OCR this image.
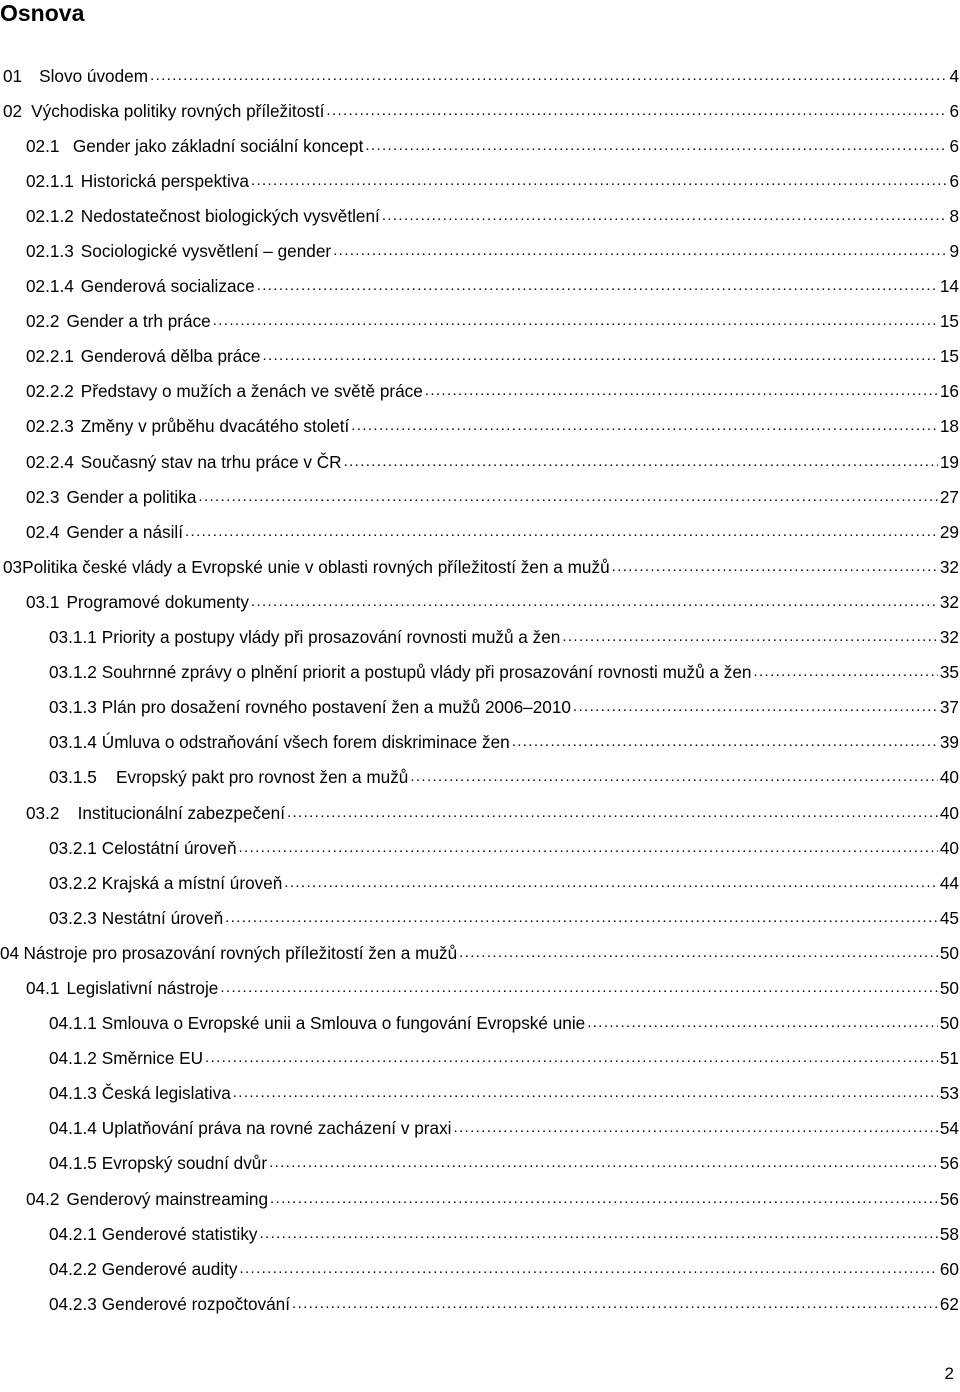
Osnova
01 Slovo úvodem . . .	4
02 Východiska politiky rovných příležitostí . . .	6
02.1 Gender jako základní sociální koncept . . .	6
02.1.1 Historická perspektiva . . .	6
02.1.2 Nedostatečnost biologických vysvětlení . . .	8
02.1.3 Sociologické vysvětlení – gender . . .	9
02.1.4 Genderová socializace . . .	14
02.2 Gender a trh práce . . .	15
02.2.1 Genderová dělba práce . . .	15
02.2.2 Představy o mužích a ženách ve světě práce . . .	16
02.2.3 Změny v průběhu dvacátého století . . .	18
02.2.4 Současný stav na trhu práce v ČR . . .	19
02.3 Gender a politika . . .	27
02.4 Gender a násilí . . .	29
03 Politika české vlády a Evropské unie v oblasti rovných příležitostí žen a mužů . . .	32
03.1 Programové dokumenty . . .	32
03.1.1 Priority a postupy vlády při prosazování rovnosti mužů a žen . . .	32
03.1.2 Souhrnné zprávy o plnění priorit a postupů vlády při prosazování rovnosti mužů a žen . . .	35
03.1.3 Plán pro dosažení rovného postavení žen a mužů 2006–2010 . . .	37
03.1.4 Úmluva o odstraňování všech forem diskriminace žen . . .	39
03.1.5	Evropský pakt pro rovnost žen a mužů . . .	40
03.2	Institucionální zabezpečení . . .	40
03.2.1 Celostátní úroveň . . .	40
03.2.2 Krajská a místní úroveň . . .	44
03.2.3 Nestátní úroveň . . .	45
04 Nástroje pro prosazování rovných příležitostí žen a mužů . . .	50
04.1 Legislativní nástroje . . .	50
04.1.1 Smlouva o Evropské unii a Smlouva o fungování Evropské unie . . .	50
04.1.2 Směrnice EU . . .	51
04.1.3 Česká legislativa . . .	53
04.1.4 Uplatňování práva na rovné zacházení v praxi . . .	54
04.1.5 Evropský soudní dvůr . . .	56
04.2 Genderový mainstreaming . . .	56
04.2.1 Genderové statistiky . . .	58
04.2.2 Genderové audity . . .	60
04.2.3 Genderové rozpočtování . . .	62
2
